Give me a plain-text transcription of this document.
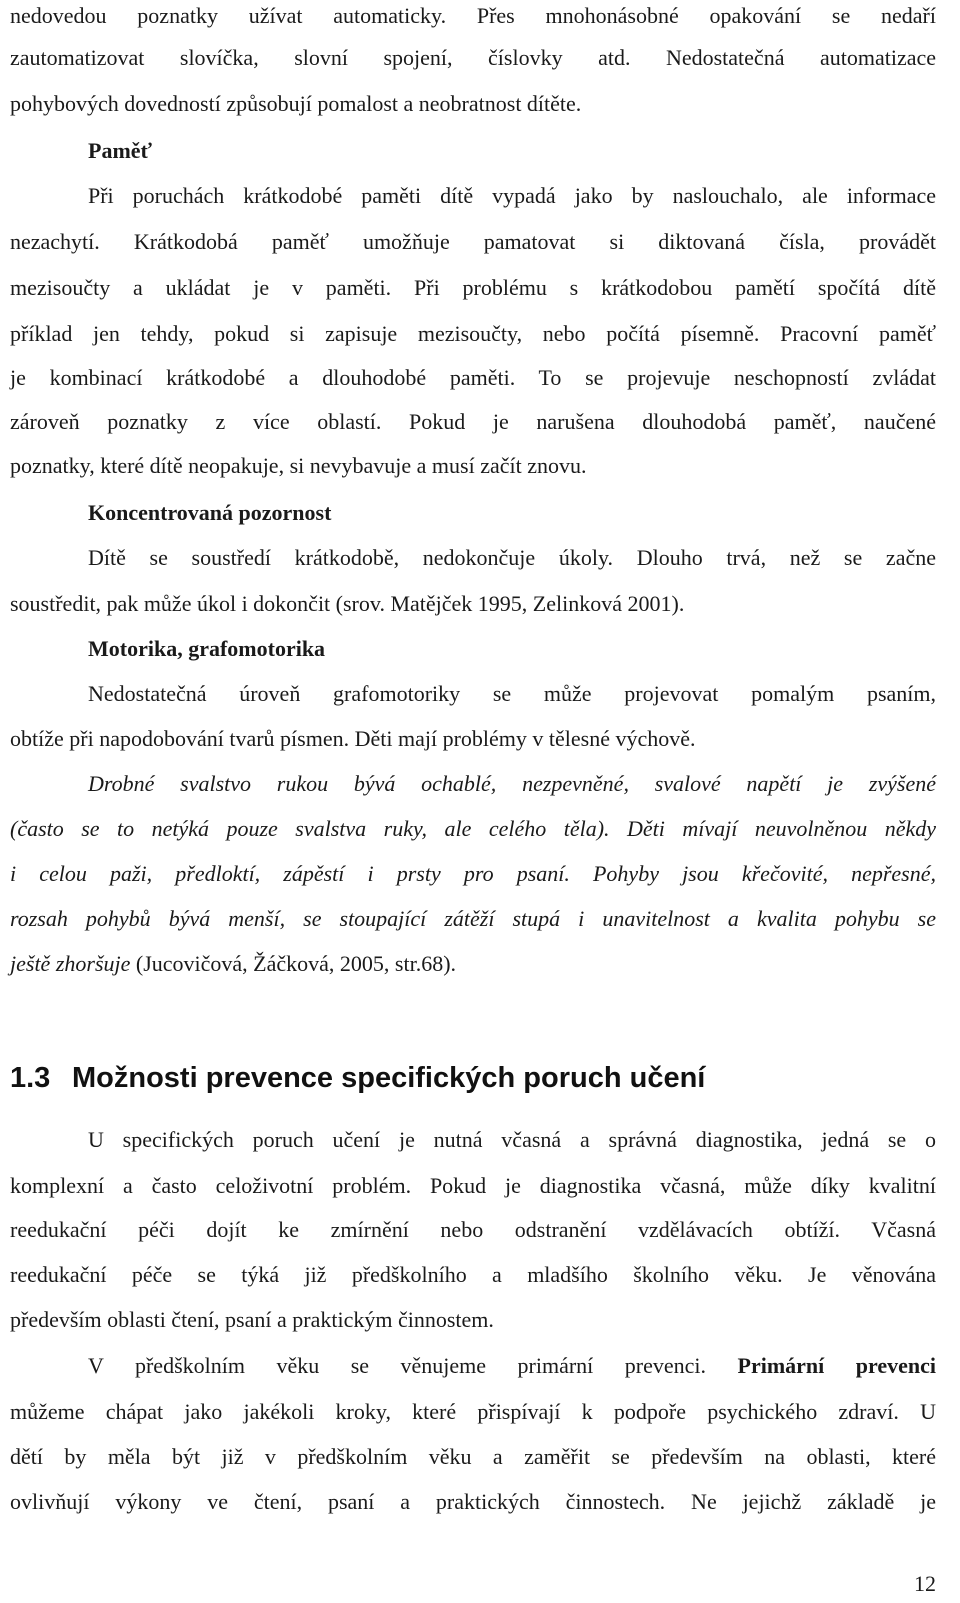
nedovedou poznatky užívat automaticky. Přes mnohonásobné opakování se nedaří
zautomatizovat slovíčka, slovní spojení, číslovky atd. Nedostatečná automatizace
pohybových dovedností způsobují pomalost a neobratnost dítěte.
Paměť
Při poruchách krátkodobé paměti dítě vypadá jako by naslouchalo, ale informace
nezachytí. Krátkodobá paměť umožňuje pamatovat si diktovaná čísla, provádět
mezisoučty a ukládat je v paměti. Při problému s krátkodobou pamětí spočítá dítě
příklad jen tehdy, pokud si zapisuje mezisoučty, nebo počítá písemně. Pracovní paměť
je kombinací krátkodobé a dlouhodobé paměti. To se projevuje neschopností zvládat
zároveň poznatky z více oblastí. Pokud je narušena dlouhodobá paměť, naučené
poznatky, které dítě neopakuje, si nevybavuje a musí začít znovu.
Koncentrovaná pozornost
Dítě se soustředí krátkodobě, nedokončuje úkoly. Dlouho trvá, než se začne
soustředit, pak může úkol i dokončit (srov. Matějček 1995, Zelinková 2001).
Motorika, grafomotorika
Nedostatečná úroveň grafomotoriky se může projevovat pomalým psaním,
obtíže při napodobování tvarů písmen. Děti mají problémy v tělesné výchově.
Drobné svalstvo rukou bývá ochablé, nezpevněné, svalové napětí je zvýšené
(často se to netýká pouze svalstva ruky, ale celého těla). Děti mívají neuvolněnou někdy
i celou paži, předloktí, zápěstí i prsty pro psaní. Pohyby jsou křečovité, nepřesné,
rozsah pohybů bývá menší, se stoupající zátěží stupá i unavitelnost a kvalita pohybu se
ještě zhoršuje (Jucovičová, Žáčková, 2005, str.68).
U specifických poruch učení je nutná včasná a správná diagnostika, jedná se o
komplexní a často celoživotní problém. Pokud je diagnostika včasná, může díky kvalitní
reedukační péči dojít ke zmírnění nebo odstranění vzdělávacích obtíží. Včasná
reedukační péče se týká již předškolního a mladšího školního věku. Je věnována
především oblasti čtení, psaní a praktickým činnostem.
V předškolním věku se věnujeme primární prevenci. Primární prevenci
můžeme chápat jako jakékoli kroky, které přispívají k podpoře psychického zdraví. U
dětí by měla být již v předškolním věku a zaměřit se především na oblasti, které
ovlivňují výkony ve čtení, psaní a praktických činnostech. Ne jejichž základě je
1.3 Možnosti prevence specifických poruch učení
12
